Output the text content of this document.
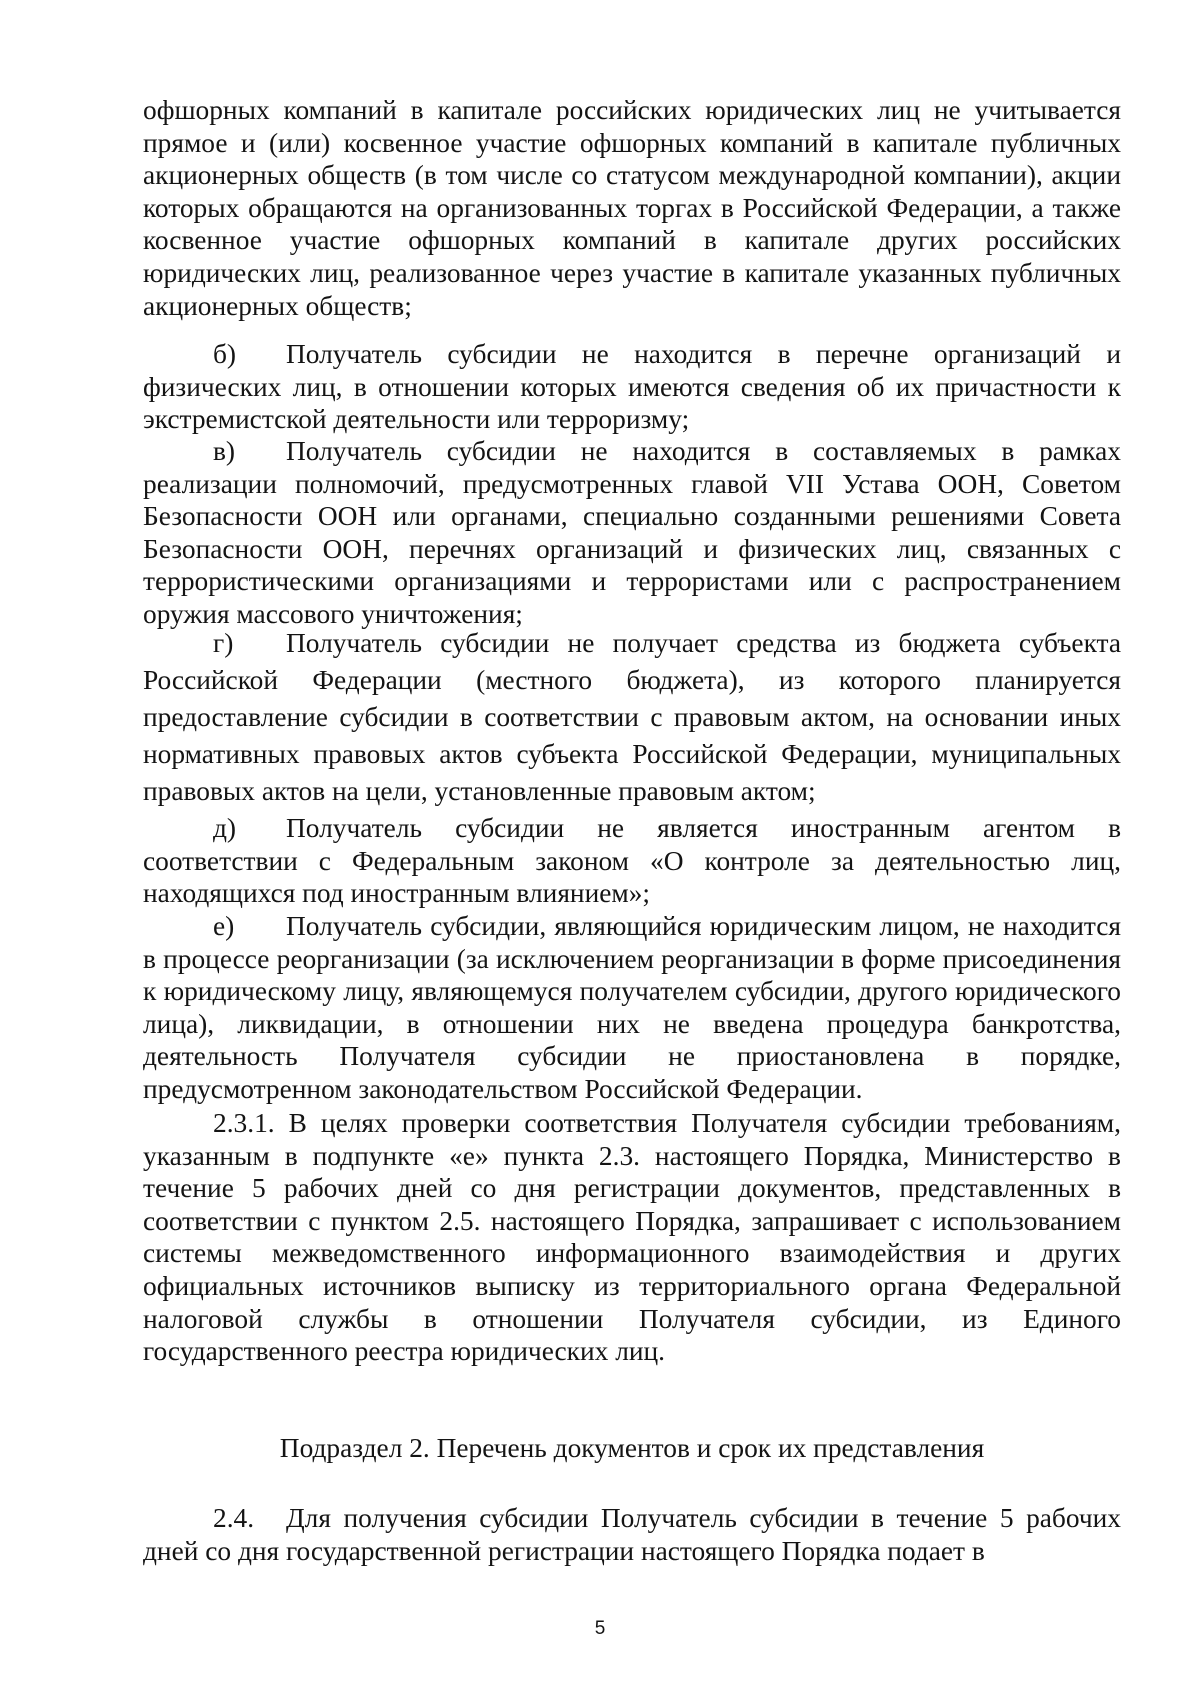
офшорных компаний в капитале российских юридических лиц не учитывается прямое и (или) косвенное участие офшорных компаний в капитале публичных акционерных обществ (в том числе со статусом международной компании), акции которых обращаются на организованных торгах в Российской Федерации, а также косвенное участие офшорных компаний в капитале других российских юридических лиц, реализованное через участие в капитале указанных публичных акционерных обществ;

б) Получатель субсидии не находится в перечне организаций и физических лиц, в отношении которых имеются сведения об их причастности к экстремистской деятельности или терроризму;

в) Получатель субсидии не находится в составляемых в рамках реализации полномочий, предусмотренных главой VII Устава ООН, Советом Безопасности ООН или органами, специально созданными решениями Совета Безопасности ООН, перечнях организаций и физических лиц, связанных с террористическими организациями и террористами или с распространением оружия массового уничтожения;

г) Получатель субсидии не получает средства из бюджета субъекта Российской Федерации (местного бюджета), из которого планируется предоставление субсидии в соответствии с правовым актом, на основании иных нормативных правовых актов субъекта Российской Федерации, муниципальных правовых актов на цели, установленные правовым актом;

д) Получатель субсидии не является иностранным агентом в соответствии с Федеральным законом «О контроле за деятельностью лиц, находящихся под иностранным влиянием»;

е) Получатель субсидии, являющийся юридическим лицом, не находится в процессе реорганизации (за исключением реорганизации в форме присоединения к юридическому лицу, являющемуся получателем субсидии, другого юридического лица), ликвидации, в отношении них не введена процедура банкротства, деятельность Получателя субсидии не приостановлена в порядке, предусмотренном законодательством Российской Федерации.

2.3.1. В целях проверки соответствия Получателя субсидии требованиям, указанным в подпункте «е» пункта 2.3. настоящего Порядка, Министерство в течение 5 рабочих дней со дня регистрации документов, представленных в соответствии с пунктом 2.5. настоящего Порядка, запрашивает с использованием системы межведомственного информационного взаимодействия и других официальных источников выписку из территориального органа Федеральной налоговой службы в отношении Получателя субсидии, из Единого государственного реестра юридических лиц.

Подраздел 2. Перечень документов и срок их представления

2.4. Для получения субсидии Получатель субсидии в течение 5 рабочих дней со дня государственной регистрации настоящего Порядка подает в

5
